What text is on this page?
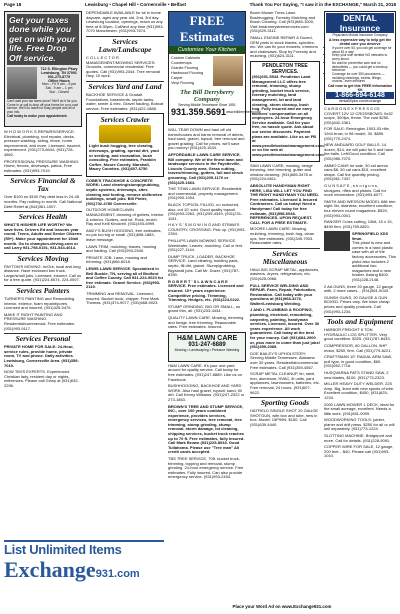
Page 18	Lewisburg • Chapel Hill • Cornersville • Belfast	Thank You For Saying, "I saw it in the EXCHANGE," March 21, 2018
Get your taxes done while you get on with your life. Free Drop Off service.
712 S. Ellington Pkwy
Lewisburg, TN 37091
931-270-8779
Office Hours
Mon – Fri 9 am – 5 pm
Sat - 9 am – 1 pm
Sun - Closed
Can't wait your tax taxes done? We'll do it for you. Come in or call to drop off your forms for a no-cost service. We'll do taxes for busy people and all of your info.
Call today to make your appointment.

W H O W O R K S REPAIRS/SERVICE: Electrical, plumbing, roof repairs, decks, pressure washing, siding, fence, home improvement, and more. Licensed, insured, experienced. (931)273-8044, (931)728-4862.

PROFESSIONAL PRESSURE WASHING: Home, fences, driveways, patios. Free estimates. (931)993-7019.

Services Financial & Tax

Over $100 on $100 Pay debt less in 24-48 months. Pay nothing in month. Call National Debt Relief at (844)361-1007.

Services Health

WHAT'S HIS/HER LIFE WORTH? We save lives. Drivers Ed and lessons year round. Teens, Adults and Senior Citizens (55+). Make your appointment for 19/all month. Go to champion-driving.com or call Larry 931-798-0151, 931-544-4014.

Services Moving

PAYTON'S MOVING: In/Out, local and long distance. Have enclosed box truck. Large/small jobs. Licensed, insured. Call us for a free quote. (931)224-6574, 224-0007.

Services Painters

TURNER'S PAINTING and Remodeling. Interior, exterior, foam repaint/pores. Licensed and insured. (931)425-0475.

MAKE IT RIGHT PAINTING AND PRESSURE WASHING. Residential/commercial. Free estimates. (931)993-9117.

Services Personal

PRIVATE HOME FOR SALE: 24-Hour, service rules, provide home, private room, TV and phone. Daily activities. Lewisburg, Cornersville Area. (931)359-7019.

NOW TIM'S EXPERTS. Experienced Christian lady, resident day or nights, references. Please call Ginny at (931)632-2296.

DEPENDABLE AVAILABLE for sit in home daycare, ages any year old, 2nd, 3rd day. Lewisburg location, openings, reach us any time at 8:30pm. Call/text any time (931)993-7070 Manchester. (931)993-7674.

Services Lawn/Landscape

C O L L E C T O R MANAGEMENT/MOWING SERVICES: Grounds, commercial residential. Free quotes. Call (931)993-2344. Tree removal Hwy. 10 work.

Services Yard and Land

BACKHOE SERVICE & Gradall. Foundations, basements, septic tanks, water, sewer & elec. Gravel hauling, Bobcat service. Free estimates. (931)422-1888.

Services Crawler

Light bush hogging, tree clearing, driveways, grading, spread dirt, yard or seeding, and excavation, bush consoling. Free estimates, Franklin Coffee, Moore County, Marshall, Maury Counties. (931)607-6750

COBB'S TRACKHOE & CONCRETE WORK: Land clearing/stump/grubbing, septic systems, driveways, sites clearing and footing, remove old/broken buildings, small jobs. Bill Pinter, (931)732-4780 Cornersville.

OUTDOOR HOMECLAWN MANAGEMENT, cleaning of gutters, interior & exterior. Gutters, and lot. Rock, mulch. Ray and Kelli Kinckrell. (931)493-6999.

ANDY'S BUSH HOGGING, free estimates, no job too big or small. (931)698-1883, leave message.

LAWN TRIM, mulching, leaves, mowing and hauling. Call (931)993-2540.

PRIVATE JOB: Lawn, mowing and trimming. (931)666-6018.

LEWIS LAWN SERVICE. Specialized in Bell Buckle, TN, serving all of Bedford and Coffee County. Call 931-224-0023 for free estimate. Gravel Service. (931)993-2119.

TRIMMING and REMOVAL. Licensed, insured. Bucket truck, chipper. Free Mark Thomas. (931)374-9077, (931)668-9023.

FREE Estimates
Customize Your Kitchen
Custom Cabinets
Countertops
Granite Flooring
Hardwood Flooring
Carpet
Vinyl Flooring
The Bill Derryberry Company
Serving Middle Tennessee Since 1951
931.359.5691 www.billderryberry.com

WILL TEAR DOWN and haul off old barns/houses and barns removal of debris, haul sand, gravel, topsoil, tree removal and gravel grading. Call for prices, we'll save you money! (931)425-1634.

AFFORDABLE LAWN CARE SERVICE. Bill company. We of the finest lawn and landscape services in the Fayetteville, Lincoln County area. Grass cutting, leaves/trimming, gutters, full and shrub grooming. Call (931)205-1170 or (931)425-1664.

THE TITAN LAWN SERVICE: Residential and commercial, property management. (931)993-1004.

BLACK TOPSOIL FILLED, no rocks/red, also, cut 10' sold. Good quality topsoil. (931)693-2263, (931)205-4349, (931)231-1151.

H A Y S ' S M O W I N G AND STRAW'S COUNTRY, CROSSING: Pick up. (931)993-2354.

PHILLIPS LAWN MOWING SERVICE. Weedeater, Leaves, mulching. Call or text. (931)227-1144.

DUMP TRUCK, LOADER, BACKHOE SERVICE. Land clearing, building pads, septic, fill dirt, gravel. Stump/grubbing. Big/small jobs. Call Mr. Dozer. (931)787-8390.

R O B E R T ' S L A W N C A R E SERVICE. Free estimates. Licensed and insured. 10+ years experience. Competitive pricing. Trimming, Trimming, Hedges, etc. (931)224-0222.

STUMP GRINDING, BIG OR SMALL, no grand thin, all. (931)233-4434.

QUALITY LAWN CARE: Mowing, trimming and hedge, tree trimming. Reasonable rates. Free estimates. Insured.

H&M LAWN CARE
931-247-6889
Mowing • Landscaping • Pressure Washing

H&M LAWN CARE. It's your one yard around for quality service. Call today for free estimates. (931)247-6889. Like us on Facebook.

BUSHHOGGING, BACKHOE AND YARD WORK. Also haul gravel, topsoil, sand, fill dirt. Call Kenny Williams. (931)247-2322 or 273-1863.

BROWN'S TREE AND STUMP SERVICE, INC., over 100 years combined experience, provides services, emergency services, tree removal, tree trimming, stump grinding, stump removal, storm damage, lot cleaning, chipping services, bucket truck reaches up to 70 ft. Free estimates, fully insured. Call Mark Brown (931)225-8033. Good Tullahoma. Please use "Tree man" All credit cards accepted.

TBS TREE SERVICE, 70ft. bucket truck, trimming, topping and removal, stump grinding. 24-hour emergency service. Free estimates. Fully insured. Can also provide emergency service. (931)993-2454.

Boom Mower Trees Lawn Bushhogging, Forestry Mulching and Brush Clearing. Call (931)685-1000, Visit bmaroneystreeservices.com (931)629-3111.

SMALL ENGINE REPAIR & Dozed, OEM parts in stock blades, spindles, etc. We can fix your mowers, trimmers and chainsaws. Stop by Forestry and mulching. (931)624-3111.

PENDLETON TREE SERVICES.

(931)691-5543. Pendleton Land Management LLC offers tree removal, trimming, stump grinding, bucket truck service, forestry mulching, land management, lot and land clearing, storm cleanup, bush hog. Fully insured and we carry workers' compensation on all employees. 24-hour Emergency Service available. Call for your free, no hassle quote. Ask about our senior discounts. Payment plans are available. Like us on FB at www.pendletonlandmanagement.com, or on the web at www.pendletonlandmanagement.com.

SAM LAWN CARE, mowing, hedge trimming, tree trimming, gutter and window cleaning. (931)685-3476 or (931)224-6611.

ABSOLUTE HANDYMAN RIGHT HERE, LISA WILL LET YOU FIND THE RIGHT HANDYMAN YOU NEED. Free estimates. Licensed & Insured Contractors. Call us today! Need a Handyman! Call today for free estimate, (931)598-6048. REFERENCES. UPON REQUEST. CALL FOR A FREE ESTIMATE.

MOORE LAWN CARE: Mowing, mulching, trimming, bush hog, clean ups, free estimates. (931)349-7003. Reasonable rates.

Services Miscellaneous

HAULING SCRAP METAL, appliances, washers, dryers, refrigerators, etc. (931)625-0066.

FULL SERVICE WELDING AND REPAIR. Farm, Repair, Fabrication, Restoration. Call today with your questions at (931)968-3276, Walter/Lewisburg Welding.

J AND L PLUMBING & ROOFING, plumbing, electrical, remodeling, carpentry, painting, handyman services. Licensed, insured. Over 30 years experience. All work guaranteed. Call today at the best for your money. Call (931)684-2000 or, plus more to come than just jobs! (931)359-2089.

DOE BAILEY'S UPHOLSTERY: Serving Middle Tennessee, Alabama over 30 years. Residential/commercial. Free estimates. Call (931)359-4567.

SCRAP METAL CLEANUP, tin, steel, iron, aluminum, HVAC, lit units, yard appliances, lawnmowers, batteries, etc. Free removal, 24 hours. (931)607-9622.

Sporting Goods

HATFIELD SINGLE SHOT 20 GAUGE SHOTGUN, with box and tube, new in box. Model: 15P99N. $150. Call (931)639-4440.

DENTAL Insurance
Physicians Mutual Insurance Company
A less expensive way to help get the dental care you deserve
• If you're over 50, you can get coverage for about $1 a day*
• Keep your own dentist! NO networks to worry about
• No wait for preventive care and no deductibles — you could get a checkup tomorrow
• Coverage for over 350 procedures — including cleanings, exams, fillings, crowns...even dentures
Call now to get this FREE Information Kit
1-866-694-6148
dental50plus.com/exchange

C A R B O N E X P R E S S CS COVERT 12V 12 CROSSBOWS: 9x32 scope, 300fps, throw. The cost $250. (931)842-3361.

FOR SALE: Remington 1903-03 rifle, 1944 brow, in 98 model, 30, $895. (931)779-2474.

NEW ANDUARD GOLF BALLS. 14 dozen, $14, we will paid for 5 and have the balls. Left/Good condition. Call (931)985-7070.

AMMO CANS for sale, 30 cal ammo cans $8, 50 cal cans $15, excellent shape. Call the quantity pricing. (931)561-7437.

G U N S A F E , s h o t g u n s, shotguns, rifles and pistols. Call for more information. (931)993-6077.

SMITH AND WESSON MODEL 686 trim sight 3in, stainless, excellent condition, four eleven round magazines. $525, (931)993-0001.

RANGER Cross cutting, 10kit, 15 x 15, $490 firm. (931)759-8821.

SPRINGFIELD XDS 9mm.

This pistol is new and comes in a hard plastic case with all of the factory accessories. This pistol also includes 2 additional two magazines and a new holster. Asking $400. (931)228-2148.

2 AA GUNS, three 20 gauge, 12 gauge with, 2 more cases... (931)561-5043.

GUNSH GUNS, 20 GAUGE & GUN BOXED. Prices vary. We have cheap prices and quality products. Call (931)993-1234.

Tools and Equipment

HARBOR FREIGHT 6 TON HYDRAULIC LOG SPLITTER. Very good condition. $325. (931)787-8433.

COMPRESSOR, 60 GALLON, 5HP motor, $250, firm. Call (931)779-8221.

CRAFTSMAN 10" RADIAL ARM SAW, pull type, in good condition, $60. (931)652-7716.

HUSQVARNA PATS STAND SAW, 2 new blades, $100. (931)773-2323.

MILLER HEAVY DUTY WELDER. 225 Amp. Big, lined with new spools of wire. Excellent condition, $450, (931)625-1234.

2000 LAWN MOWER 1 DECK, ideal for the small acreage, excellent. Needs a little work. (931)651-0099.

WOODWORKING TOOLS: jointer, planer and drill press. $250 for all or will sell separately. (931)773-1224.

SLOTTING MACHINE, Bridgeport and more. Call for details. (931)228-9091.

COPPER WIRE FOR SALE, 12 gauge, 200 feet... $40. Please call (931)993-1010.

List Unlimited Items
Exchange 931.com
Place your Word Ad on www.Exchange931.com
